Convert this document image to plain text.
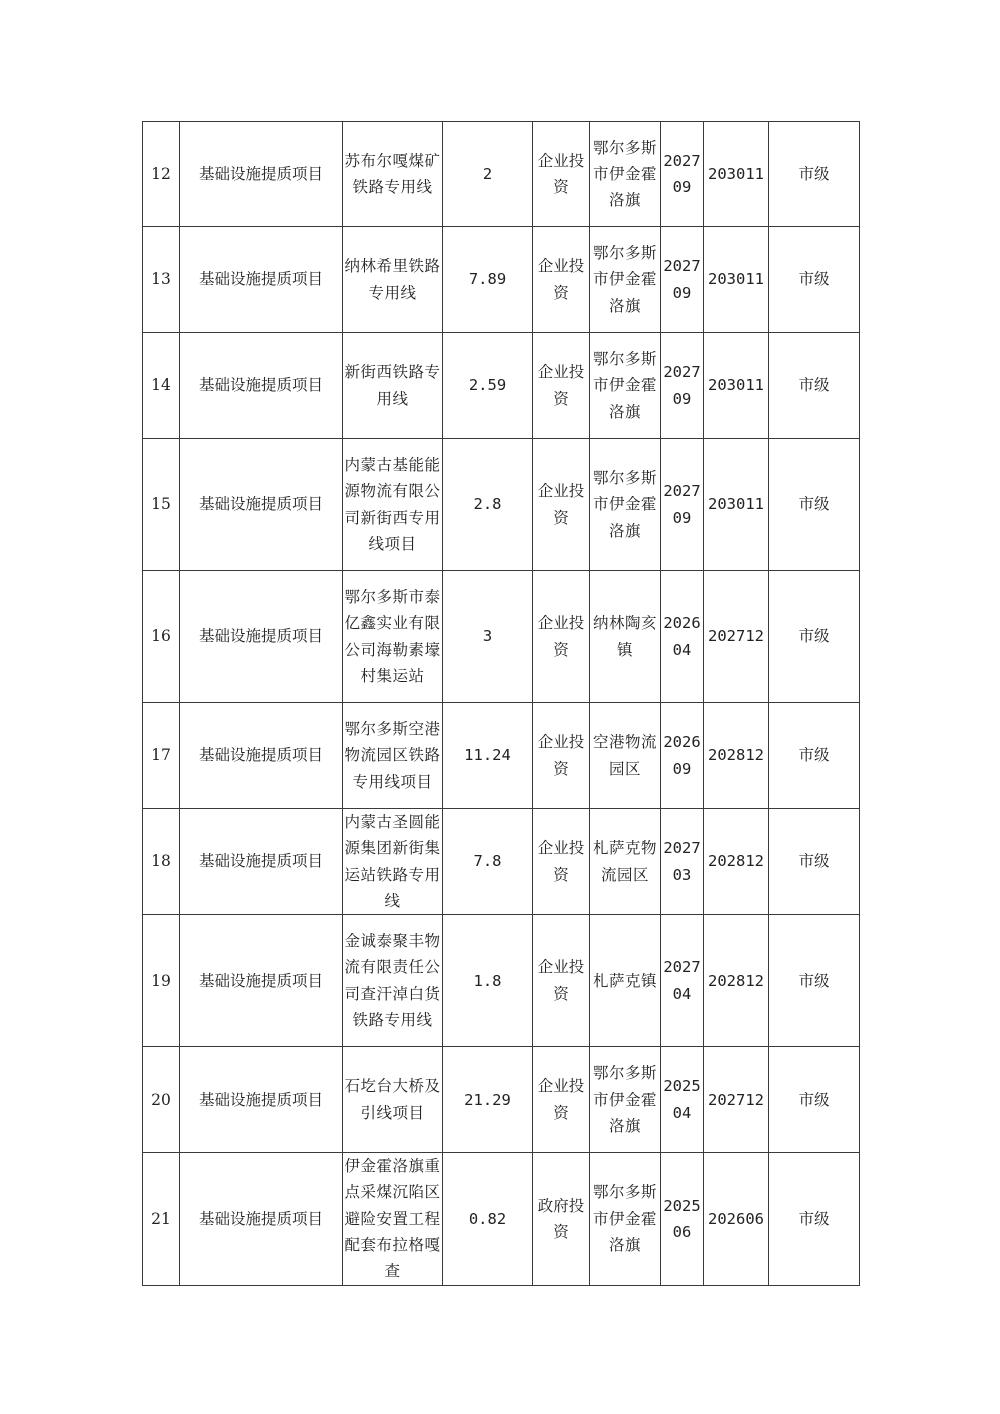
12	基础设施提质项目	苏布尔嘎煤矿铁路专用线	2	企业投资	鄂尔多斯市伊金霍洛旗	202709	203011	市级
13	基础设施提质项目	纳林希里铁路专用线	7.89	企业投资	鄂尔多斯市伊金霍洛旗	202709	203011	市级
14	基础设施提质项目	新街西铁路专用线	2.59	企业投资	鄂尔多斯市伊金霍洛旗	202709	203011	市级
15	基础设施提质项目	内蒙古基能能源物流有限公司新街西专用线项目	2.8	企业投资	鄂尔多斯市伊金霍洛旗	202709	203011	市级
16	基础设施提质项目	鄂尔多斯市泰亿鑫实业有限公司海勒素壕村集运站	3	企业投资	纳林陶亥镇	202604	202712	市级
17	基础设施提质项目	鄂尔多斯空港物流园区铁路专用线项目	11.24	企业投资	空港物流园区	202609	202812	市级
18	基础设施提质项目	内蒙古圣圆能源集团新街集运站铁路专用线	7.8	企业投资	札萨克物流园区	202703	202812	市级
19	基础设施提质项目	金诚泰聚丰物流有限责任公司查汗淖白货铁路专用线	1.8	企业投资	札萨克镇	202704	202812	市级
20	基础设施提质项目	石圪台大桥及引线项目	21.29	企业投资	鄂尔多斯市伊金霍洛旗	202504	202712	市级
21	基础设施提质项目	伊金霍洛旗重点采煤沉陷区避险安置工程配套布拉格嘎查	0.82	政府投资	鄂尔多斯市伊金霍洛旗	202506	202606	市级
